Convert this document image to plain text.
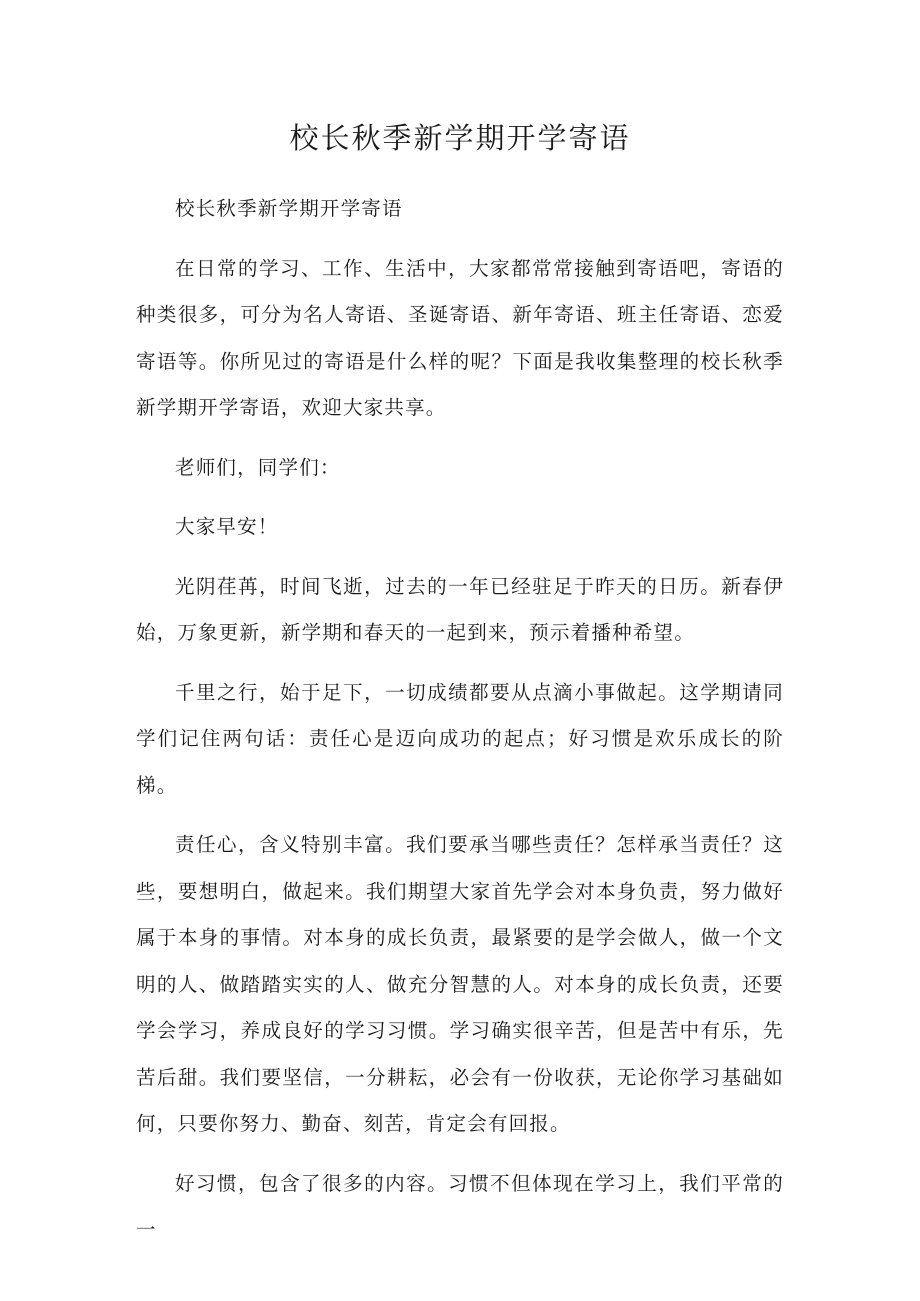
校长秋季新学期开学寄语

校长秋季新学期开学寄语

在日常的学习、工作、生活中，大家都常常接触到寄语吧，寄语的种类很多，可分为名人寄语、圣诞寄语、新年寄语、班主任寄语、恋爱寄语等。你所见过的寄语是什么样的呢？下面是我收集整理的校长秋季新学期开学寄语，欢迎大家共享。

老师们，同学们：

大家早安！

光阴荏苒，时间飞逝，过去的一年已经驻足于昨天的日历。新春伊始，万象更新，新学期和春天的一起到来，预示着播种希望。

千里之行，始于足下，一切成绩都要从点滴小事做起。这学期请同学们记住两句话：责任心是迈向成功的起点；好习惯是欢乐成长的阶梯。

责任心，含义特别丰富。我们要承当哪些责任？怎样承当责任？这些，要想明白，做起来。我们期望大家首先学会对本身负责，努力做好属于本身的事情。对本身的成长负责，最紧要的是学会做人，做一个文明的人、做踏踏实实的人、做充分智慧的人。对本身的成长负责，还要学会学习，养成良好的学习习惯。学习确实很辛苦，但是苦中有乐，先苦后甜。我们要坚信，一分耕耘，必会有一份收获，无论你学习基础如何，只要你努力、勤奋、刻苦，肯定会有回报。

好习惯，包含了很多的内容。习惯不但体现在学习上，我们平常的一
